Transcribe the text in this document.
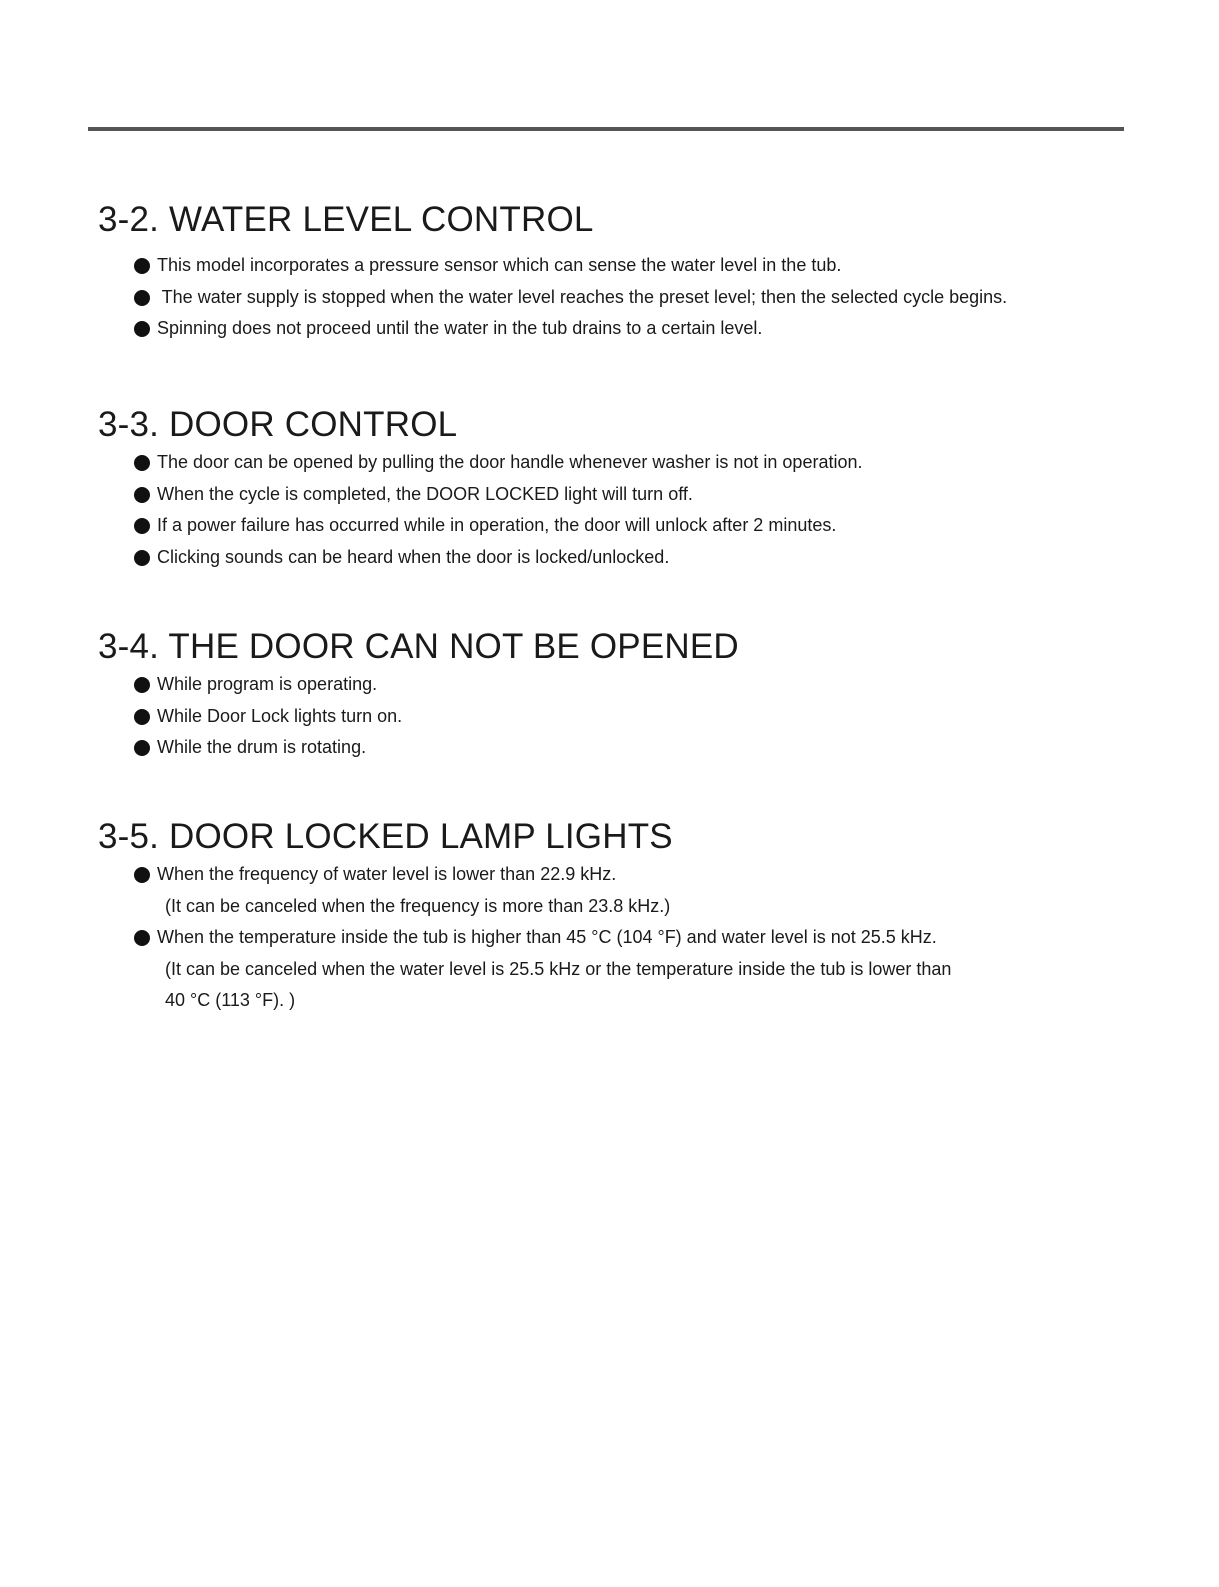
3-2. WATER LEVEL CONTROL
This model incorporates a pressure sensor which can sense the water level in the tub.
The water supply is stopped when the water level reaches the preset level; then the selected cycle begins.
Spinning does not proceed until the water in the tub drains to a certain level.
3-3. DOOR CONTROL
The door can be opened by pulling the door handle whenever washer is not in operation.
When the cycle is completed, the DOOR LOCKED light will turn off.
If a power failure has occurred while in operation, the door will unlock after 2 minutes.
Clicking sounds can be heard when the door is locked/unlocked.
3-4. THE DOOR CAN NOT BE OPENED
While program is operating.
While Door Lock lights turn on.
While the drum is rotating.
3-5. DOOR LOCKED LAMP LIGHTS
When the frequency of water level is lower than 22.9 kHz.
(It can be canceled when the frequency is more than 23.8 kHz.)
When the temperature inside the tub is higher than 45 °C (104 °F) and water level is not 25.5 kHz.
(It can be canceled when the water level is 25.5 kHz or the temperature inside the tub is lower than
40 °C (113 °F). )
